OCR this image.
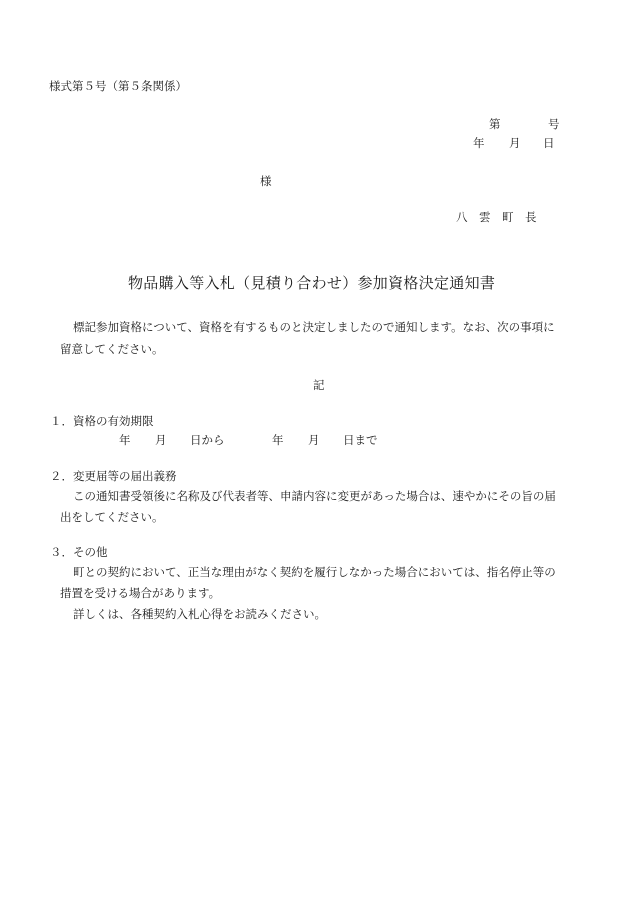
様式第５号（第５条関係）
第	号
年 月 日
様
八　雲　町　長
物品購入等入札（見積り合わせ）参加資格決定通知書
標記参加資格について、資格を有するものと決定しましたので通知します。なお、次の事項に
留意してください。
記
１．資格の有効期限
年 月 日から	年 月 日まで
２．変更届等の届出義務
この通知書受領後に名称及び代表者等、申請内容に変更があった場合は、速やかにその旨の届
出をしてください。
３．その他
町との契約において、正当な理由がなく契約を履行しなかった場合においては、指名停止等の
措置を受ける場合があります。
詳しくは、各種契約入札心得をお読みください。
